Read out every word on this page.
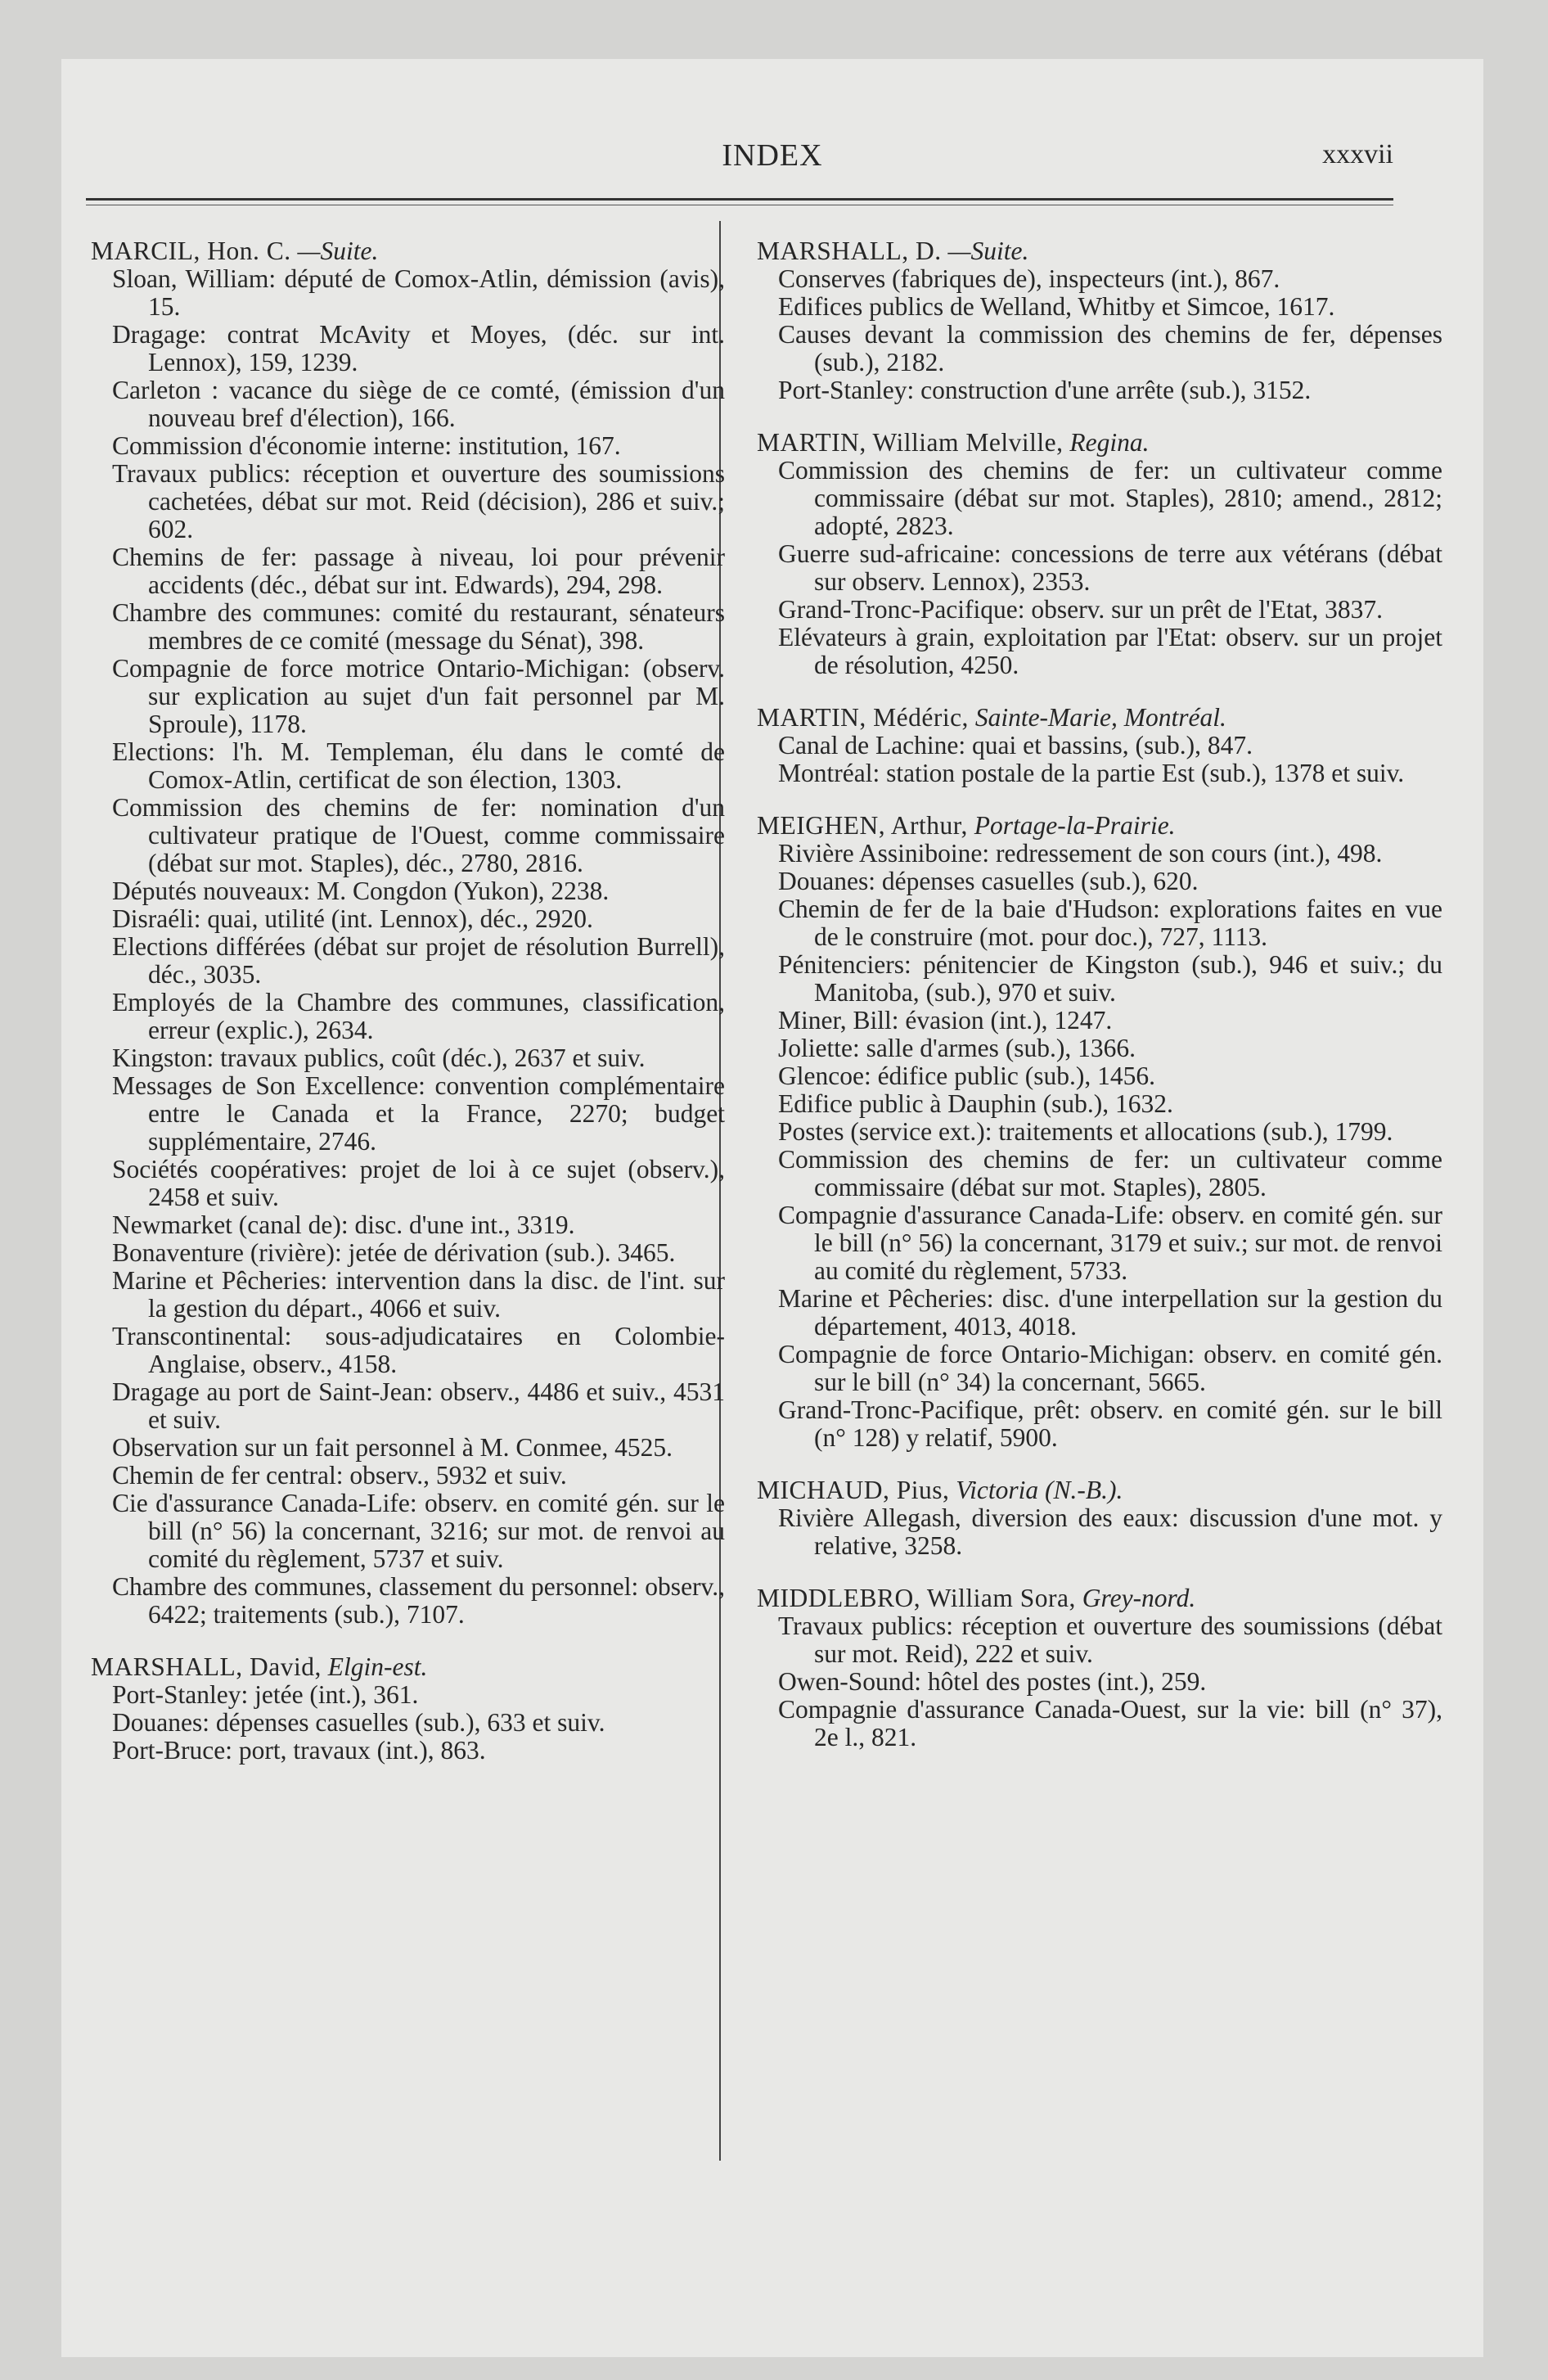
INDEX	xxxvii
MARCIL, Hon. C. —Suite.
Sloan, William: député de Comox-Atlin, démission (avis), 15.
Dragage: contrat McAvity et Moyes, (déc. sur int. Lennox), 159, 1239.
Carleton : vacance du siège de ce comté, (émission d'un nouveau bref d'élection), 166.
Commission d'économie interne: institution, 167.
Travaux publics: réception et ouverture des soumissions cachetées, débat sur mot. Reid (décision), 286 et suiv.; 602.
Chemins de fer: passage à niveau, loi pour prévenir accidents (déc., débat sur int. Edwards), 294, 298.
Chambre des communes: comité du restaurant, sénateurs membres de ce comité (message du Sénat), 398.
Compagnie de force motrice Ontario-Michigan: (observ. sur explication au sujet d'un fait personnel par M. Sproule), 1178.
Elections: l'h. M. Templeman, élu dans le comté de Comox-Atlin, certificat de son élection, 1303.
Commission des chemins de fer: nomination d'un cultivateur pratique de l'Ouest, comme commissaire (débat sur mot. Staples), déc., 2780, 2816.
Députés nouveaux: M. Congdon (Yukon), 2238.
Disraéli: quai, utilité (int. Lennox), déc., 2920.
Elections différées (débat sur projet de résolution Burrell), déc., 3035.
Employés de la Chambre des communes, classification, erreur (explic.), 2634.
Kingston: travaux publics, coût (déc.), 2637 et suiv.
Messages de Son Excellence: convention complémentaire entre le Canada et la France, 2270; budget supplémentaire, 2746.
Sociétés coopératives: projet de loi à ce sujet (observ.), 2458 et suiv.
Newmarket (canal de): disc. d'une int., 3319.
Bonaventure (rivière): jetée de dérivation (sub.). 3465.
Marine et Pêcheries: intervention dans la disc. de l'int. sur la gestion du départ., 4066 et suiv.
Transcontinental: sous-adjudicataires en Colombie-Anglaise, observ., 4158.
Dragage au port de Saint-Jean: observ., 4486 et suiv., 4531 et suiv.
Observation sur un fait personnel à M. Conmee, 4525.
Chemin de fer central: observ., 5932 et suiv.
Cie d'assurance Canada-Life: observ. en comité gén. sur le bill (n° 56) la concernant, 3216; sur mot. de renvoi au comité du règlement, 5737 et suiv.
Chambre des communes, classement du personnel: observ., 6422; traitements (sub.), 7107.
MARSHALL, David, Elgin-est.
Port-Stanley: jetée (int.), 361.
Douanes: dépenses casuelles (sub.), 633 et suiv.
Port-Bruce: port, travaux (int.), 863.
MARSHALL, D. —Suite.
Conserves (fabriques de), inspecteurs (int.), 867.
Edifices publics de Welland, Whitby et Simcoe, 1617.
Causes devant la commission des chemins de fer, dépenses (sub.), 2182.
Port-Stanley: construction d'une arrête (sub.), 3152.
MARTIN, William Melville, Regina.
Commission des chemins de fer: un cultivateur comme commissaire (débat sur mot. Staples), 2810; amend., 2812; adopté, 2823.
Guerre sud-africaine: concessions de terre aux vétérans (débat sur observ. Lennox), 2353.
Grand-Tronc-Pacifique: observ. sur un prêt de l'Etat, 3837.
Elévateurs à grain, exploitation par l'Etat: observ. sur un projet de résolution, 4250.
MARTIN, Médéric, Sainte-Marie, Montréal.
Canal de Lachine: quai et bassins, (sub.), 847.
Montréal: station postale de la partie Est (sub.), 1378 et suiv.
MEIGHEN, Arthur, Portage-la-Prairie.
Rivière Assiniboine: redressement de son cours (int.), 498.
Douanes: dépenses casuelles (sub.), 620.
Chemin de fer de la baie d'Hudson: explorations faites en vue de le construire (mot. pour doc.), 727, 1113.
Pénitenciers: pénitencier de Kingston (sub.), 946 et suiv.; du Manitoba, (sub.), 970 et suiv.
Miner, Bill: évasion (int.), 1247.
Joliette: salle d'armes (sub.), 1366.
Glencoe: édifice public (sub.), 1456.
Edifice public à Dauphin (sub.), 1632.
Postes (service ext.): traitements et allocations (sub.), 1799.
Commission des chemins de fer: un cultivateur comme commissaire (débat sur mot. Staples), 2805.
Compagnie d'assurance Canada-Life: observ. en comité gén. sur le bill (n° 56) la concernant, 3179 et suiv.; sur mot. de renvoi au comité du règlement, 5733.
Marine et Pêcheries: disc. d'une interpellation sur la gestion du département, 4013, 4018.
Compagnie de force Ontario-Michigan: observ. en comité gén. sur le bill (n° 34) la concernant, 5665.
Grand-Tronc-Pacifique, prêt: observ. en comité gén. sur le bill (n° 128) y relatif, 5900.
MICHAUD, Pius, Victoria (N.-B.).
Rivière Allegash, diversion des eaux: discussion d'une mot. y relative, 3258.
MIDDLEBRO, William Sora, Grey-nord.
Travaux publics: réception et ouverture des soumissions (débat sur mot. Reid), 222 et suiv.
Owen-Sound: hôtel des postes (int.), 259.
Compagnie d'assurance Canada-Ouest, sur la vie: bill (n° 37), 2e l., 821.
